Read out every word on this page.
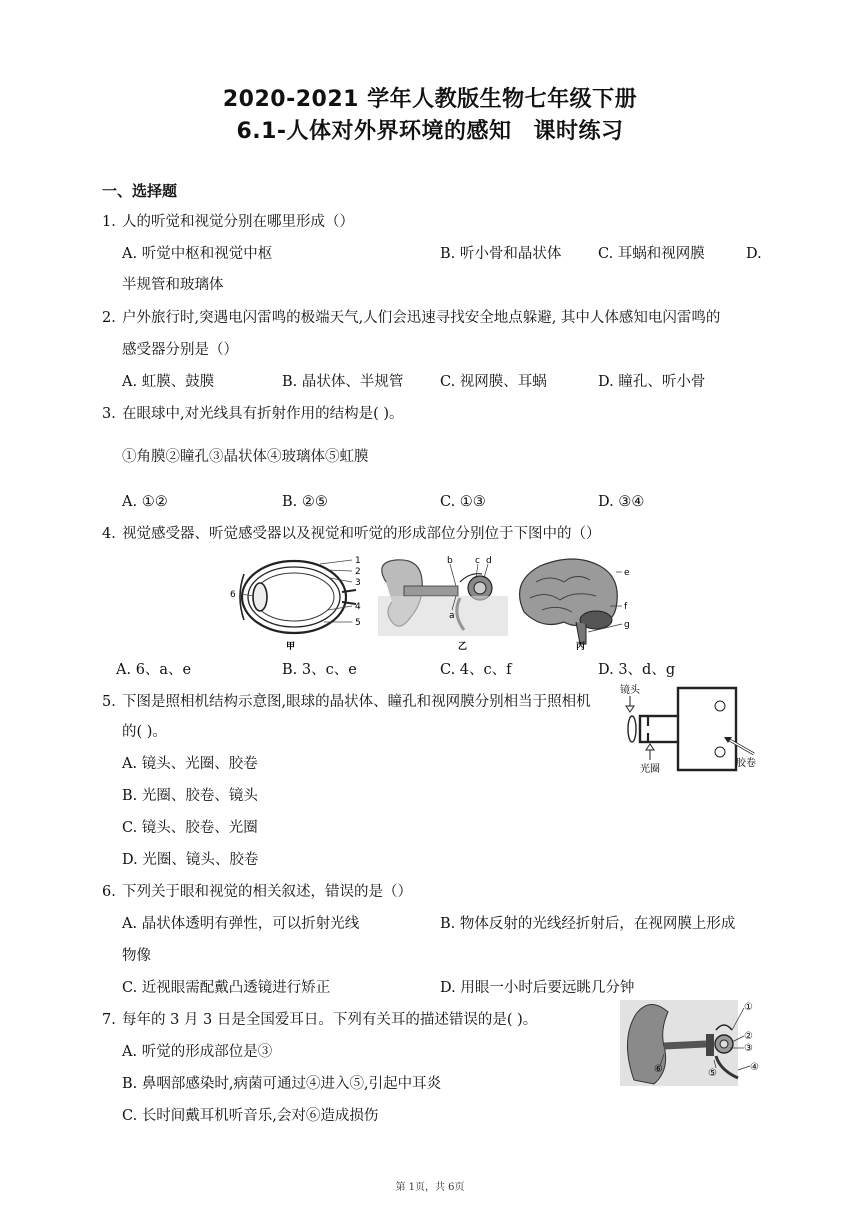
2020-2021 学年人教版生物七年级下册
6.1-人体对外界环境的感知 课时练习
一、选择题
1. 人的听觉和视觉分别在哪里形成（）
A. 听觉中枢和视觉中枢	B. 听小骨和晶状体	C. 耳蜗和视网膜	D.
半规管和玻璃体
2. 户外旅行时,突遇电闪雷鸣的极端天气,人们会迅速寻找安全地点躲避, 其中人体感知电闪雷鸣的
感受器分别是（）
A. 虹膜、鼓膜	B. 晶状体、半规管	C. 视网膜、耳蜗	D. 瞳孔、听小骨
3. 在眼球中,对光线具有折射作用的结构是( )。
①角膜②瞳孔③晶状体④玻璃体⑤虹膜
A. ①②	B. ②⑤	C. ①③	D. ③④
4. 视觉感受器、听觉感受器以及视觉和听觉的形成部位分别位于下图中的（）
1
2
3
4
5
6
甲
a
b c d
乙
e
f
g
丙
A. 6、a、e	B. 3、c、e	C. 4、c、f	D. 3、d、g
5. 下图是照相机结构示意图,眼球的晶状体、瞳孔和视网膜分别相当于照相机
的( )。
镜头
光圈
胶卷
A. 镜头、光圈、胶卷
B. 光圈、胶卷、镜头
C. 镜头、胶卷、光圈
D. 光圈、镜头、胶卷
6. 下列关于眼和视觉的相关叙述，错误的是（）
A. 晶状体透明有弹性，可以折射光线	B. 物体反射的光线经折射后，在视网膜上形成
物像
C. 近视眼需配戴凸透镜进行矫正	D. 用眼一小时后要远眺几分钟
7. 每年的 3 月 3 日是全国爱耳日。下列有关耳的描述错误的是( )。
①
②
③
④
⑤
⑥
A. 听觉的形成部位是③
B. 鼻咽部感染时,病菌可通过④进入⑤,引起中耳炎
C. 长时间戴耳机听音乐,会对⑥造成损伤
第 1页，共 6页
